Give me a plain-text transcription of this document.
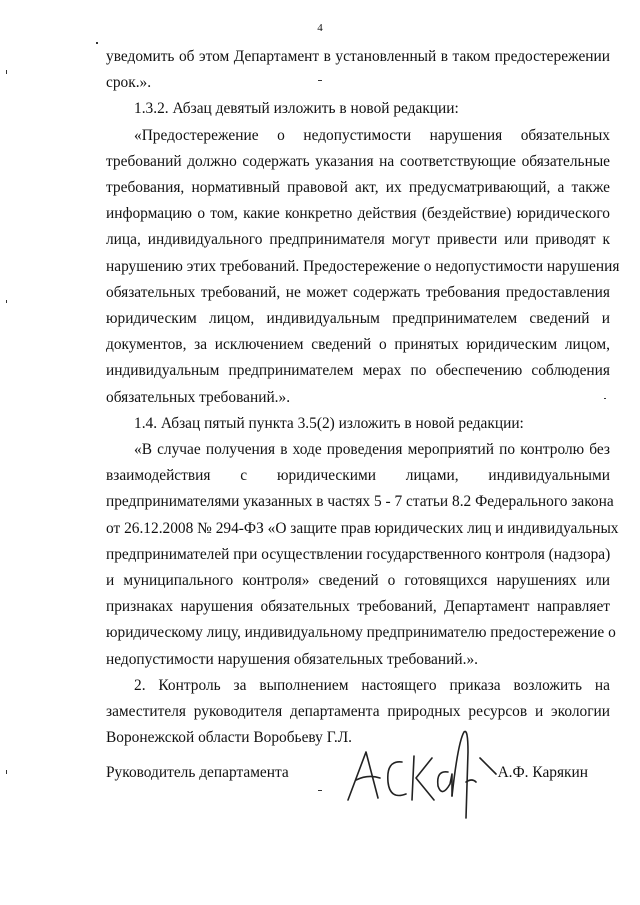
4
уведомить об этом Департамент в установленный в таком предостережении
срок.».
1.3.2. Абзац девятый изложить в новой редакции:
«Предостережение о недопустимости нарушения обязательных
требований должно содержать указания на соответствующие обязательные
требования, нормативный правовой акт, их предусматривающий, а также
информацию о том, какие конкретно действия (бездействие) юридического
лица, индивидуального предпринимателя могут привести или приводят к
нарушению этих требований. Предостережение о недопустимости нарушения
обязательных требований, не может содержать требования предоставления
юридическим лицом, индивидуальным предпринимателем сведений и
документов, за исключением сведений о принятых юридическим лицом,
индивидуальным предпринимателем мерах по обеспечению соблюдения
обязательных требований.».
1.4. Абзац пятый пункта 3.5(2) изложить в новой редакции:
«В случае получения в ходе проведения мероприятий по контролю без
взаимодействия с юридическими лицами, индивидуальными
предпринимателями указанных в частях 5 - 7 статьи 8.2 Федерального закона
от 26.12.2008 № 294-ФЗ «О защите прав юридических лиц и индивидуальных
предпринимателей при осуществлении государственного контроля (надзора)
и муниципального контроля» сведений о готовящихся нарушениях или
признаках нарушения обязательных требований, Департамент направляет
юридическому лицу, индивидуальному предпринимателю предостережение о
недопустимости нарушения обязательных требований.».
2. Контроль за выполнением настоящего приказа возложить на
заместителя руководителя департамента природных ресурсов и экологии
Воронежской области Воробьеву Г.Л.
Руководитель департамента	А.Ф. Карякин
